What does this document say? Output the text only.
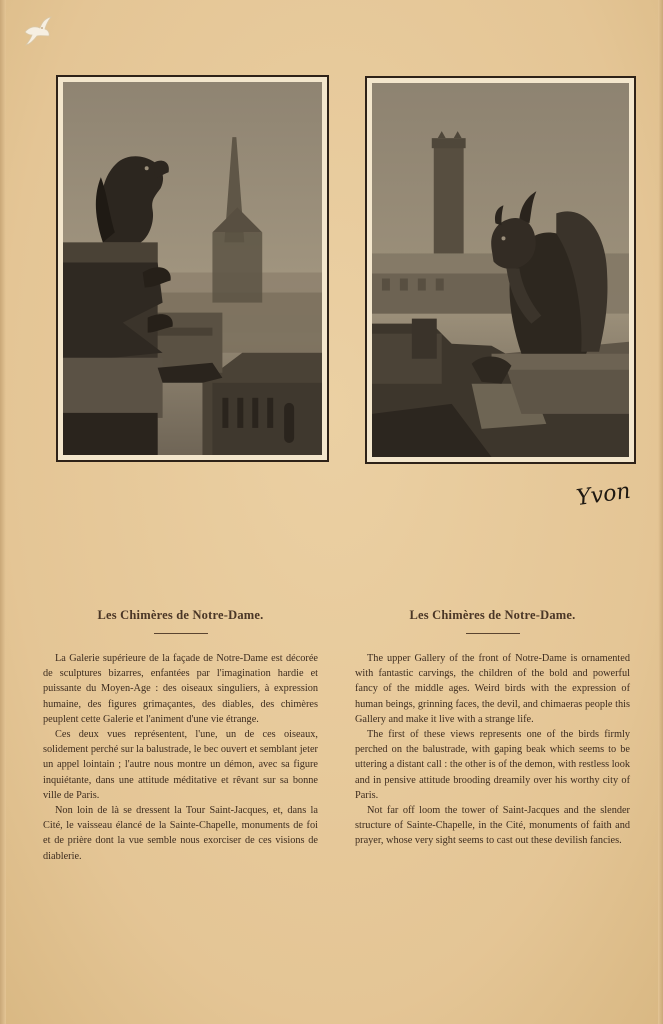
Yvon
Les Chimères de Notre-Dame.

La Galerie supérieure de la façade de Notre-Dame est décorée de sculptures bizarres, enfantées par l'imagination hardie et puissante du Moyen-Age : des oiseaux singuliers, à expression humaine, des figures grimaçantes, des diables, des chimères peuplent cette Galerie et l'animent d'une vie étrange.

Ces deux vues représentent, l'une, un de ces oiseaux, solidement perché sur la balustrade, le bec ouvert et semblant jeter un appel lointain ; l'autre nous montre un démon, avec sa figure inquiétante, dans une attitude méditative et rêvant sur sa bonne ville de Paris.

Non loin de là se dressent la Tour Saint-Jacques, et, dans la Cité, le vaisseau élancé de la Sainte-Chapelle, monuments de foi et de prière dont la vue semble nous exorciser de ces visions de diablerie.

Les Chimères de Notre-Dame.

The upper Gallery of the front of Notre-Dame is ornamented with fantastic carvings, the children of the bold and powerful fancy of the middle ages. Weird birds with the expression of human beings, grinning faces, the devil, and chimaeras people this Gallery and make it live with a strange life.

The first of these views represents one of the birds firmly perched on the balustrade, with gaping beak which seems to be uttering a distant call : the other is of the demon, with restless look and in pensive attitude brooding dreamily over his worthy city of Paris.

Not far off loom the tower of Saint-Jacques and the slender structure of Sainte-Chapelle, in the Cité, monuments of faith and prayer, whose very sight seems to cast out these devilish fancies.
